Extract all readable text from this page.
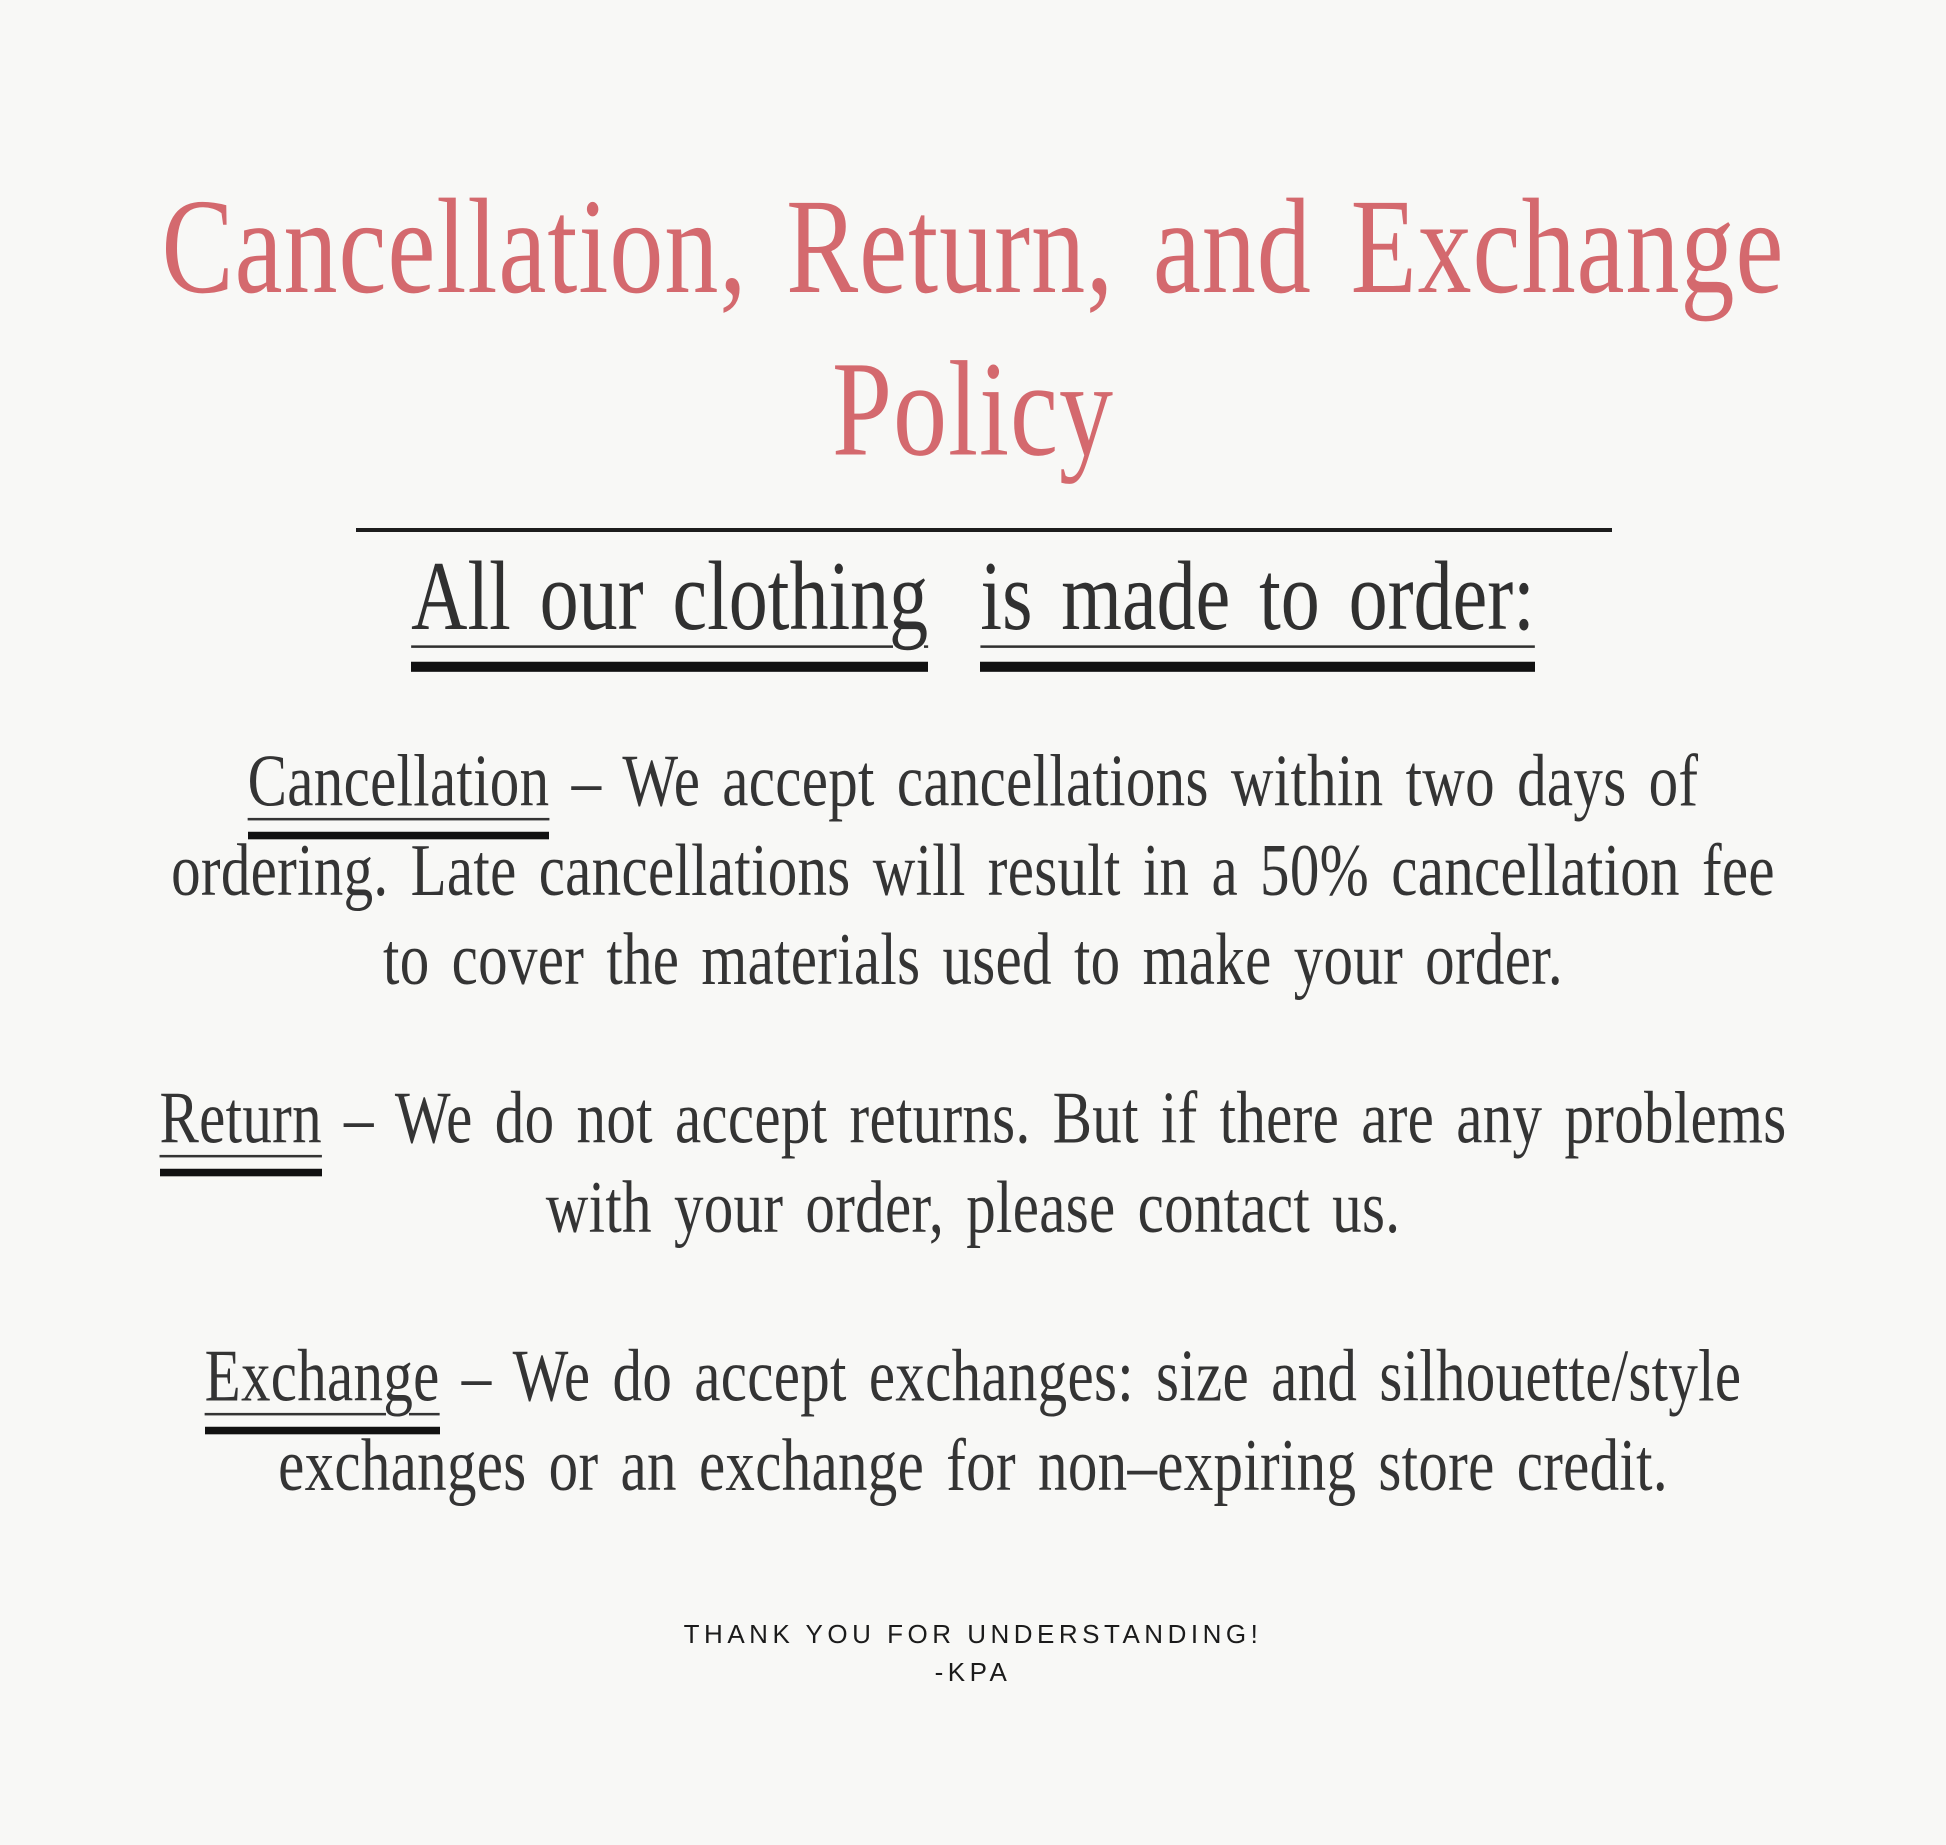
Cancellation, Return, and Exchange
Policy
All our clothing is made to order:

Cancellation – We accept cancellations within two days of
ordering. Late cancellations will result in a 50% cancellation fee
to cover the materials used to make your order.

Return – We do not accept returns. But if there are any problems
with your order, please contact us.

Exchange – We do accept exchanges: size and silhouette/style
exchanges or an exchange for non–expiring store credit.

THANK YOU FOR UNDERSTANDING!
-KPA
